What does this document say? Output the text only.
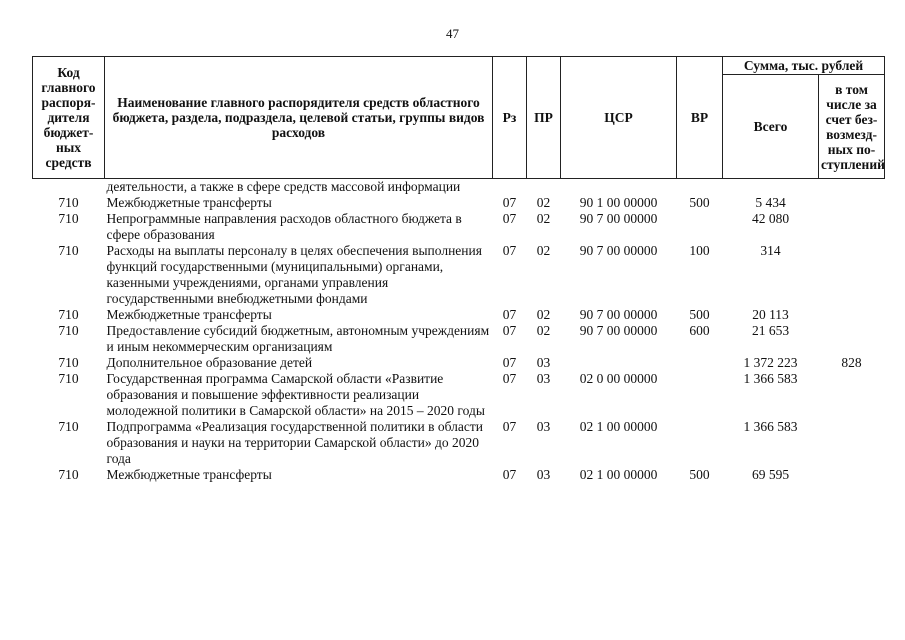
47
Код главного распоря-дителя бюджет-ных средств	Наименование главного распорядителя средств областного бюджета, раздела, подраздела, целевой статьи, группы видов расходов	Рз	ПР	ЦСР	ВР	Сумма, тыс. рублей	
						Всего	в том числе за счет без-возмезд-ных по-ступлений
	деятельности, а также в сфере средств массовой информации						
710	Межбюджетные трансферты	07	02	90 1 00 00000	500	5 434	
710	Непрограммные направления расходов областного бюджета в сфере образования	07	02	90 7 00 00000		42 080	
710	Расходы на выплаты персоналу в целях обеспечения выполнения функций государственными (муниципальными) органами, казенными учреждениями, органами управления государственными внебюджетными фондами	07	02	90 7 00 00000	100	314	
710	Межбюджетные трансферты	07	02	90 7 00 00000	500	20 113	
710	Предоставление субсидий бюджетным, автономным учреждениям и иным некоммерческим организациям	07	02	90 7 00 00000	600	21 653	
710	Дополнительное образование детей	07	03			1 372 223	828
710	Государственная программа Самарской области «Развитие образования и повышение эффективности реализации молодежной политики в Самарской области» на 2015 – 2020 годы	07	03	02 0 00 00000		1 366 583	
710	Подпрограмма «Реализация государственной политики в области образования и науки на территории Самарской области» до 2020 года	07	03	02 1 00 00000		1 366 583	
710	Межбюджетные трансферты	07	03	02 1 00 00000	500	69 595	
